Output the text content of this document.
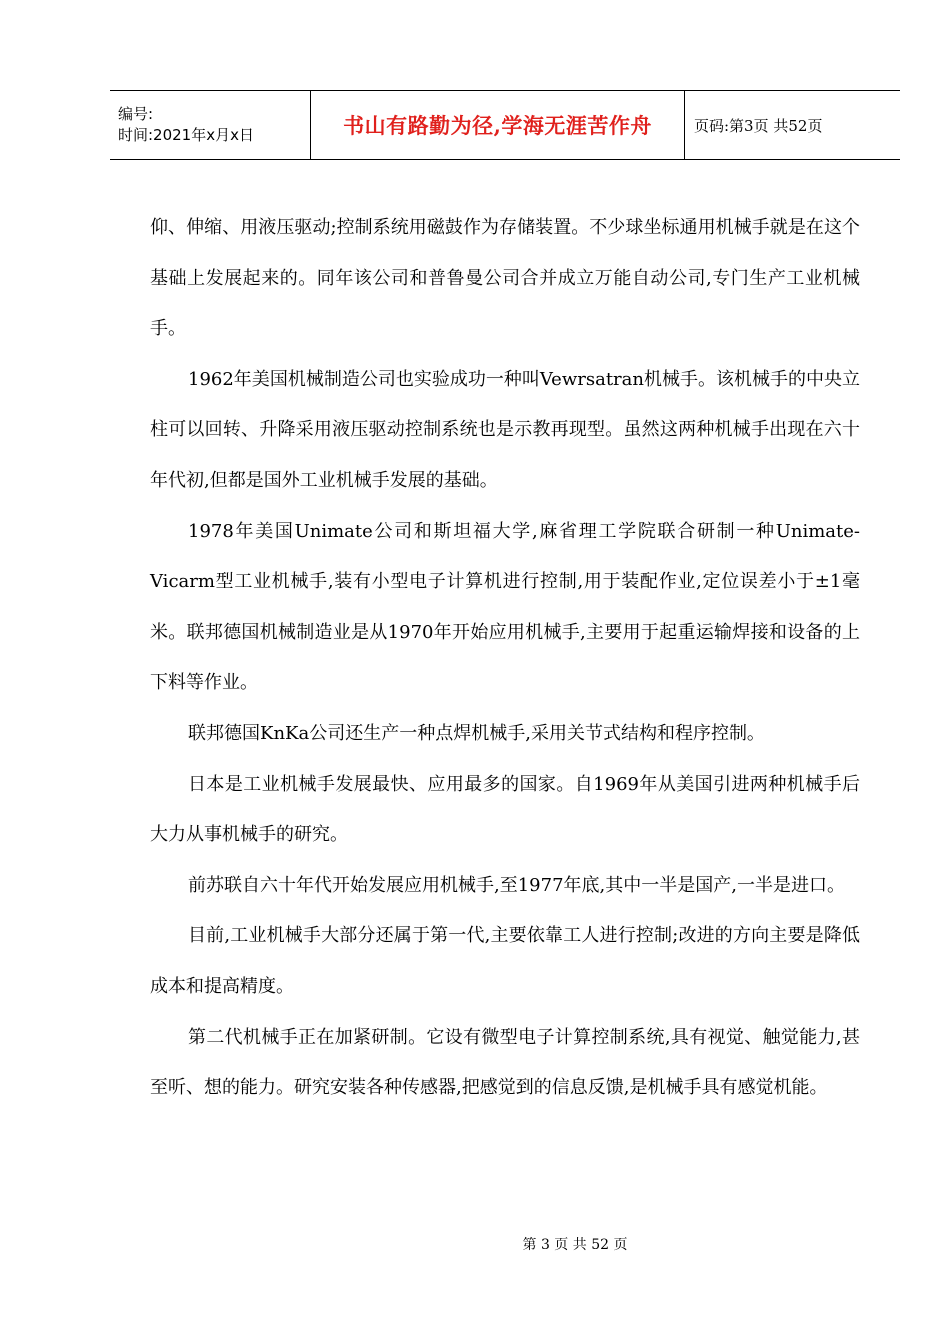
编号:
时间:2021年x月x日	书山有路勤为径,学海无涯苦作舟	页码:第3页 共52页

仰、伸缩、用液压驱动;控制系统用磁鼓作为存储装置。不少球坐标通用机械手就是在这个基础上发展起来的。同年该公司和普鲁曼公司合并成立万能自动公司,专门生产工业机械手。

1962年美国机械制造公司也实验成功一种叫Vewrsatran机械手。该机械手的中央立柱可以回转、升降采用液压驱动控制系统也是示教再现型。虽然这两种机械手出现在六十年代初,但都是国外工业机械手发展的基础。

1978年美国Unimate公司和斯坦福大学,麻省理工学院联合研制一种Unimate-Vicarm型工业机械手,装有小型电子计算机进行控制,用于装配作业,定位误差小于±1毫米。联邦德国机械制造业是从1970年开始应用机械手,主要用于起重运输焊接和设备的上下料等作业。

联邦德国KnKa公司还生产一种点焊机械手,采用关节式结构和程序控制。

日本是工业机械手发展最快、应用最多的国家。自1969年从美国引进两种机械手后大力从事机械手的研究。

前苏联自六十年代开始发展应用机械手,至1977年底,其中一半是国产,一半是进口。

目前,工业机械手大部分还属于第一代,主要依靠工人进行控制;改进的方向主要是降低成本和提高精度。

第二代机械手正在加紧研制。它设有微型电子计算控制系统,具有视觉、触觉能力,甚至听、想的能力。研究安装各种传感器,把感觉到的信息反馈,是机械手具有感觉机能。

第 3 页 共 52 页
